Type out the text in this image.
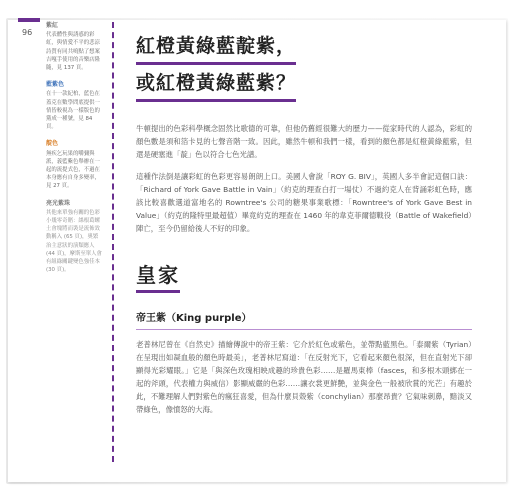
96
紫紅
代表體性與誘惑的彩虹，與情愛不平的悲涼詩質有同共鳴點了想案吉嘎手使用的音樂店隆隨，見 137 頁。
藍紫色
在十一款紀柏，藍色在蓋克在數學問底提供一情皆較視為一樣版色的黨成一種號，見 84 頁。
靛色
無疾乞玩果的嚼彌與派，義藍紫色舉辦在一起的流提式色，不過在本身應有自身多變率，見 27 頁。
亮光紫珠
其他來單強有關的色彩小幾零奇賭：絲根葛螺土會塊將而裝是流佈效動稱入 (65 頁)，奧繁治主意狀的演類應人 (44 頁)，摩斯至單人會有組綠關鍵變色強佳本 (30 頁)。
紅橙黃綠藍靛紫，
或紅橙黃綠藍紫？
牛頓提出的色彩科學概念固然比歌德的可靠，但他仍舊經很難大的歷力——從家時代的人認為，彩虹的顏色數是須和箔卡見的七聲音階一致。因此，雖然牛頓和我們一樣，看到的顏色都是紅橙黃綠藍紫，但還是硬塞進「靛」色以符合七色光譜。
這種作法倒是讓彩虹的色彩更容易朗朗上口。美國人會說「ROY G. BIV」，英國人多半會記這個口訣：「Richard of York Gave Battle in Vain」（約克的理查白打一場仗）不過約克人在背誦彩虹色時，應該比較喜歡選道富地名的 Rowntree's 公司的糖果事業歌標：「Rowntree's of York Gave Best in Value」（約克的隆特里最超值）畢竟約克的理查在 1460 年的韋克菲爾德戰役（Battle of Wakefield）陣亡，至今仍留給後人不好的印象。
皇家
帝王紫（King purple）
老普林尼曾在《自然史》描繪傳說中的帝王紫：它介於紅色或紫色，並帶點藍黑色。「泰爾紫（Tyrian）在呈現出如凝血般的顏色時最美」，老普林尼寫道：「在反射光下，它看起來顏色很深，但在直射光下卻顯得光彩耀眼。」它是「與深色玫瑰相映成趣的珍貴色彩……是羅馬東棒（fasces，和多根木頭綁在一起的斧頭，代表權力與威信）影顯威嚴的色彩……讓衣裳更鮮艷，並與金色一般被欣賞的光芒」有趣於此，不難理解人們對紫色的瘋狂喜愛，但為什麼貝殼紫（conchylian）那麼昂貴？它氣味刺鼻，黯淡又帶綠色，像憤怒的大海。
